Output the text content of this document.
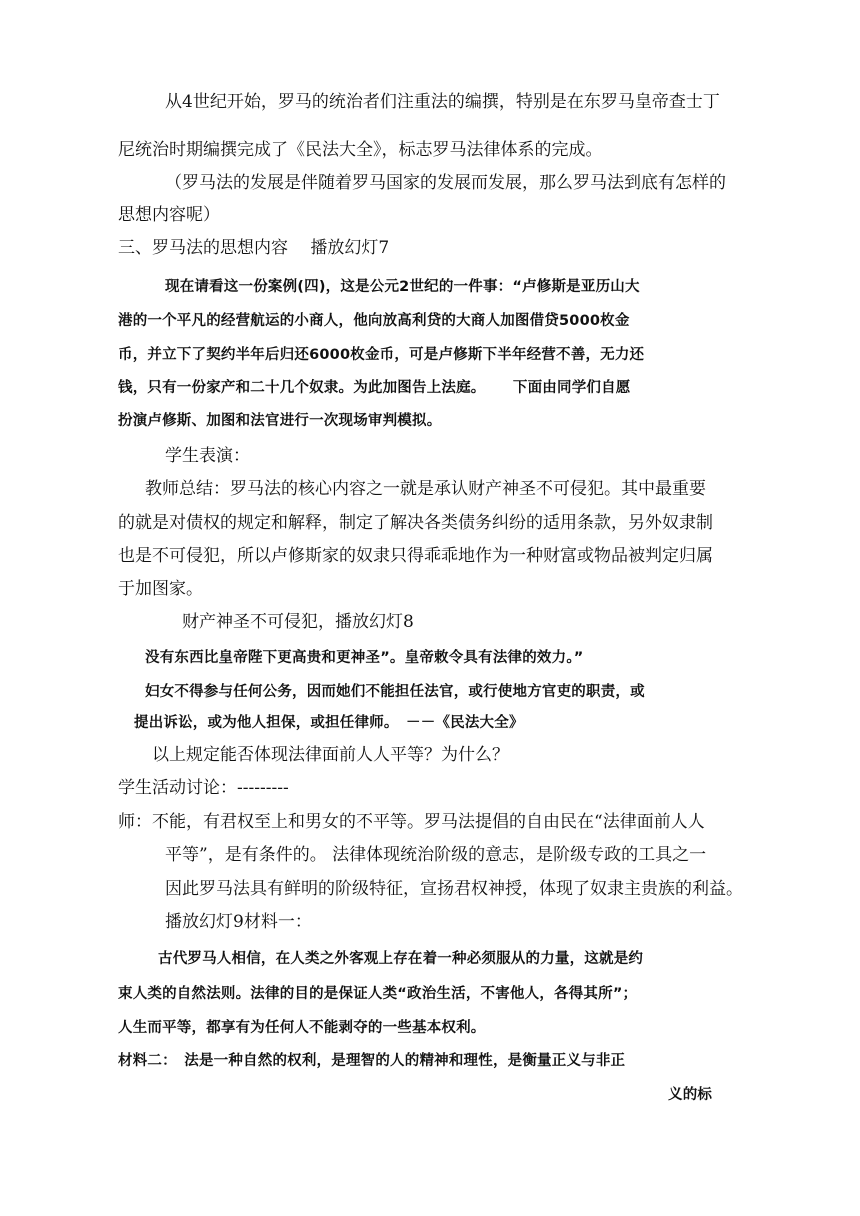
从4世纪开始，罗马的统治者们注重法的编撰，特别是在东罗马皇帝查士丁
尼统治时期编撰完成了《民法大全》，标志罗马法律体系的完成。
（罗马法的发展是伴随着罗马国家的发展而发展，那么罗马法到底有怎样的
思想内容呢）
三、罗马法的思想内容　 播放幻灯7
现在请看这一份案例(四)，这是公元2世纪的一件事：“卢修斯是亚历山大
港的一个平凡的经营航运的小商人，他向放高利贷的大商人加图借贷5000枚金
币，并立下了契约半年后归还6000枚金币，可是卢修斯下半年经营不善，无力还
钱，只有一份家产和二十几个奴隶。为此加图告上法庭。　　 下面由同学们自愿
扮演卢修斯、加图和法官进行一次现场审判模拟。
学生表演：
教师总结：罗马法的核心内容之一就是承认财产神圣不可侵犯。其中最重要
的就是对债权的规定和解释，制定了解决各类债务纠纷的适用条款，另外奴隶制
也是不可侵犯，所以卢修斯家的奴隶只得乖乖地作为一种财富或物品被判定归属
于加图家。
财产神圣不可侵犯，播放幻灯8
没有东西比皇帝陛下更高贵和更神圣”。皇帝敕令具有法律的效力。”
妇女不得参与任何公务，因而她们不能担任法官，或行使地方官吏的职责，或
提出诉讼，或为他人担保，或担任律师。　－－《民法大全》
以上规定能否体现法律面前人人平等？为什么？
学生活动讨论：---------
师：不能，有君权至上和男女的不平等。罗马法提倡的自由民在“法律面前人人
平等”，是有条件的。 法律体现统治阶级的意志，是阶级专政的工具之一
因此罗马法具有鲜明的阶级特征，宣扬君权神授，体现了奴隶主贵族的利益。
播放幻灯9材料一：
古代罗马人相信，在人类之外客观上存在着一种必须服从的力量，这就是约
束人类的自然法则。法律的目的是保证人类“政治生活，不害他人，各得其所”；
人生而平等，都享有为任何人不能剥夺的一些基本权利。
材料二：　法是一种自然的权利，是理智的人的精神和理性，是衡量正义与非正
义的标
